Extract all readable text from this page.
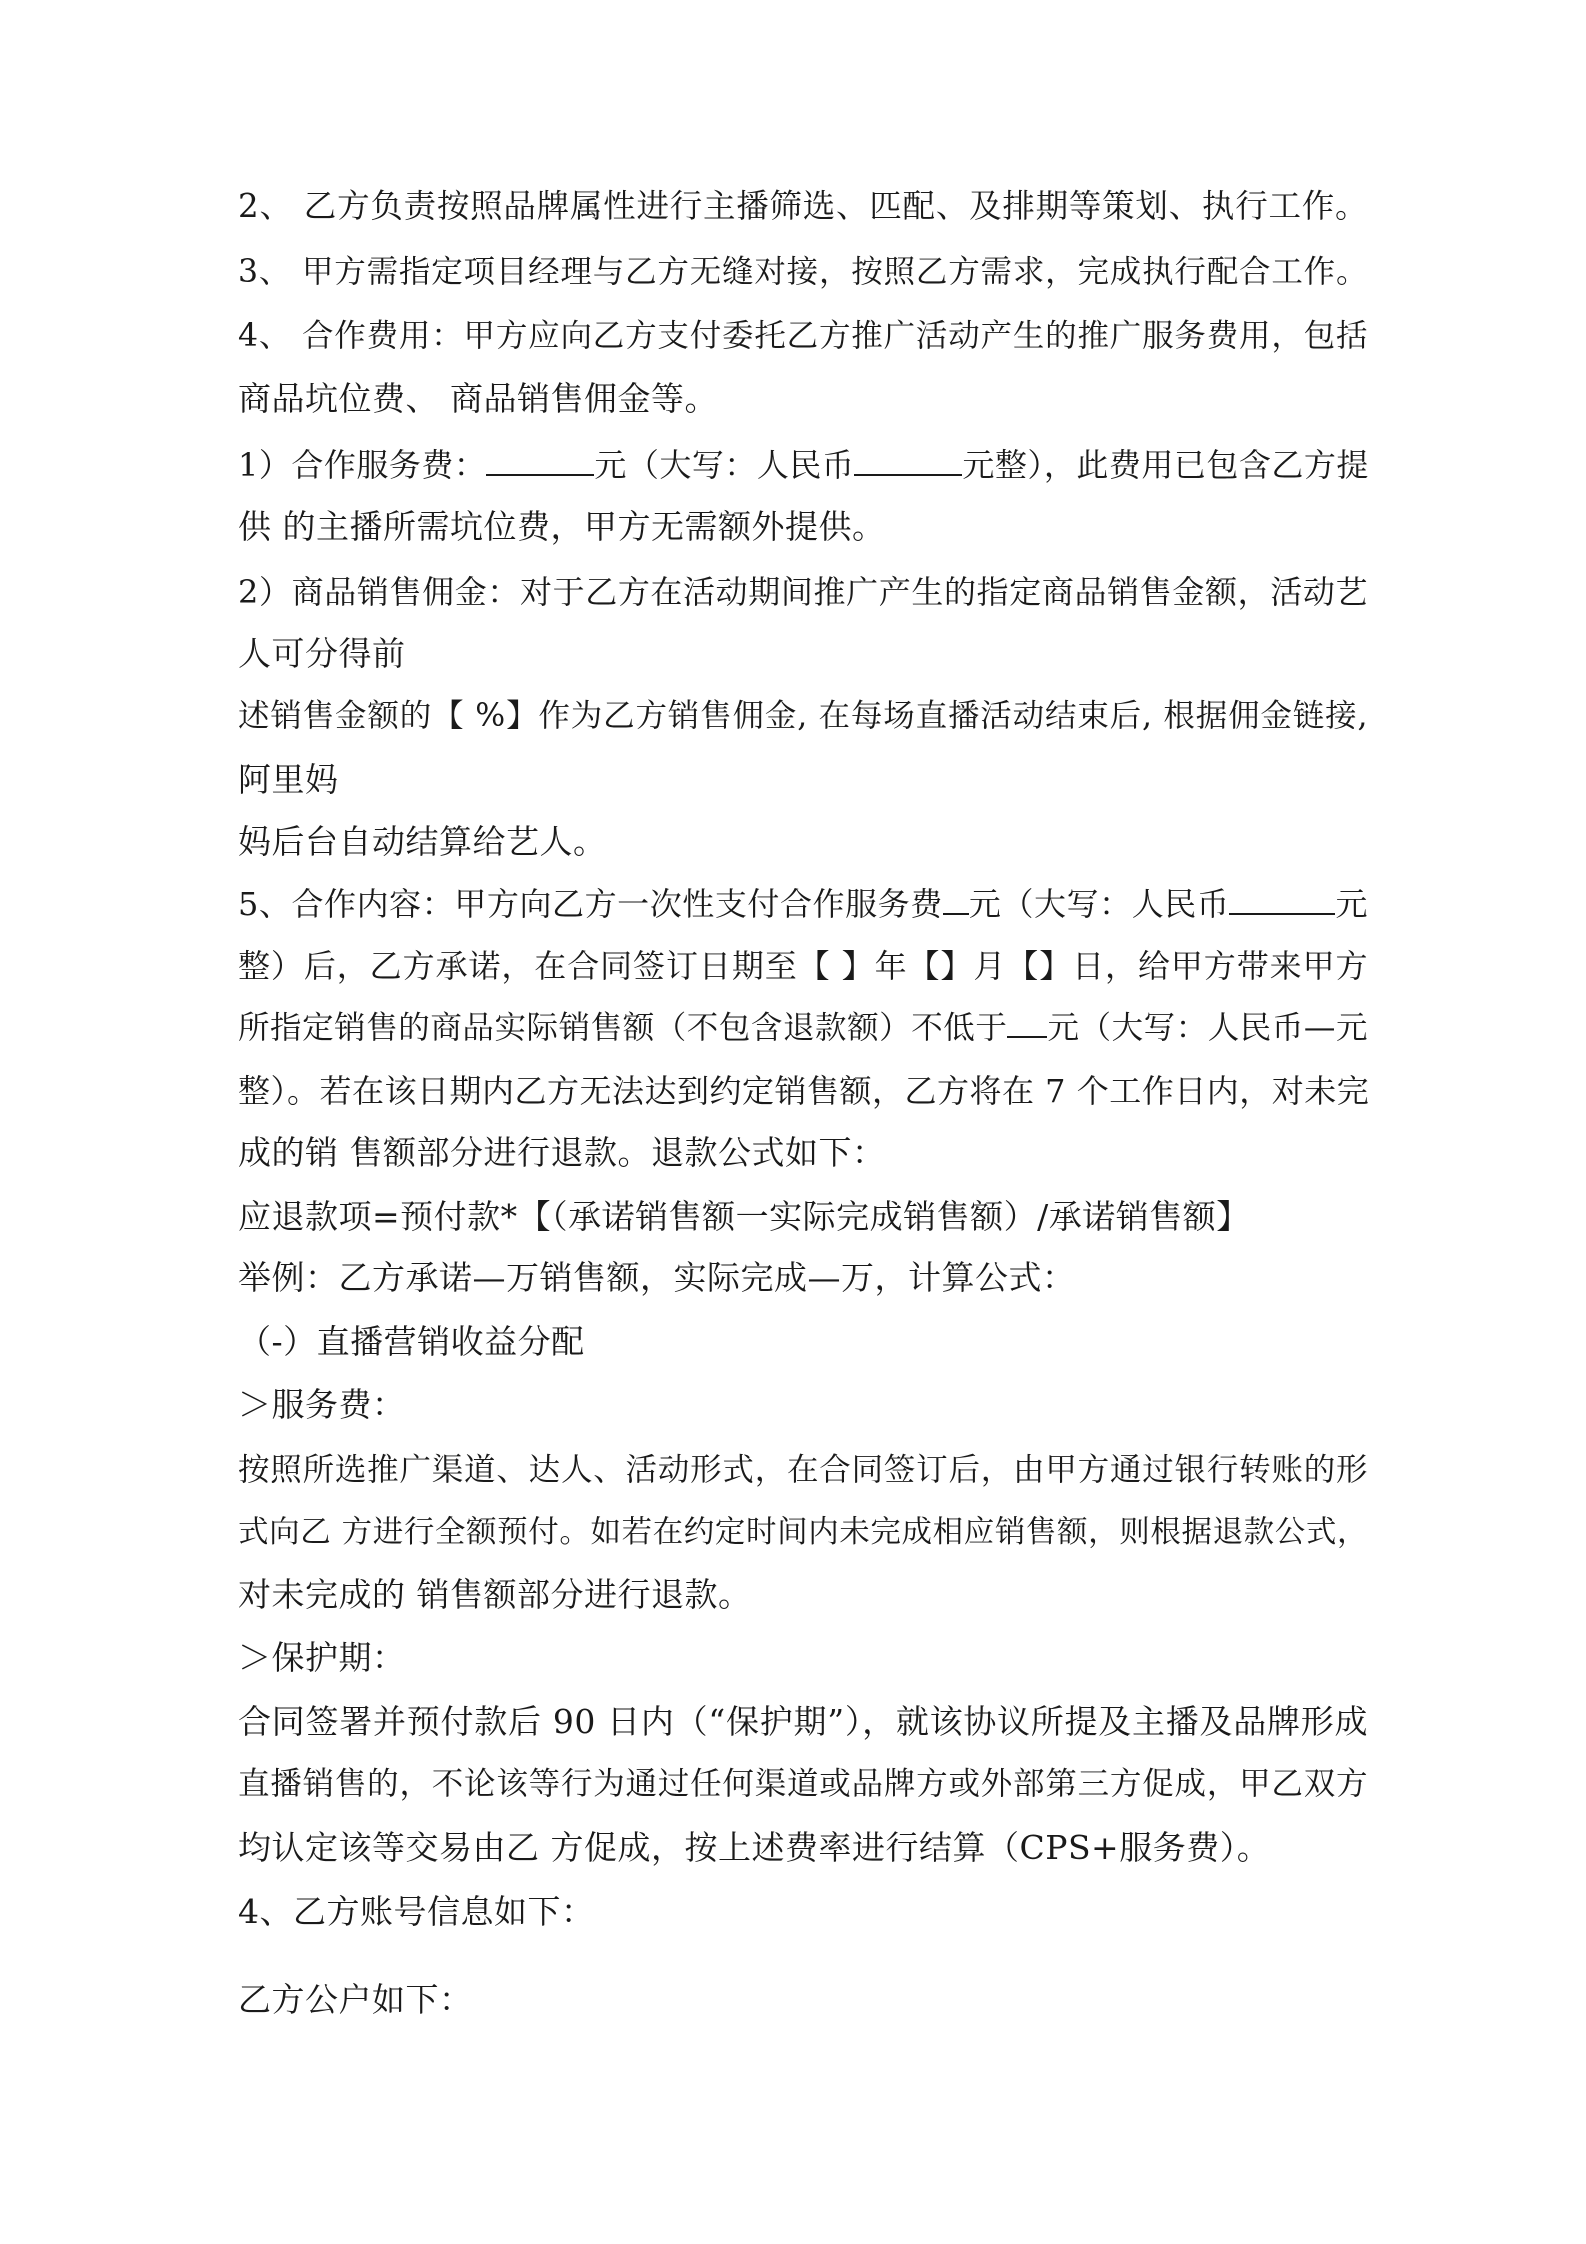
2、 乙方负责按照品牌属性进行主播筛选、匹配、及排期等策划、执行工作。
3、 甲方需指定项目经理与乙方无缝对接，按照乙方需求，完成执行配合工作。
4、 合作费用：甲方应向乙方支付委托乙方推广活动产生的推广服务费用，包括
商品坑位费、 商品销售佣金等。
1）合作服务费：	元（大写：人民币	元整），此费用已包含乙方提
供 的主播所需坑位费，甲方无需额外提供。
2）商品销售佣金：对于乙方在活动期间推广产生的指定商品销售金额，活动艺
人可分得前
述销售金额的【 %】作为乙方销售佣金, 在每场直播活动结束后, 根据佣金链接,
阿里妈
妈后台自动结算给艺人。
5、合作内容：甲方向乙方一次性支付合作服务费 元（大写：人民币	元
整）后，乙方承诺，在合同签订日期至【 】年【】月【】日，给甲方带来甲方
所指定销售的商品实际销售额（不包含退款额）不低于 元（大写：人民币—元
整）。若在该日期内乙方无法达到约定销售额，乙方将在 7 个工作日内，对未完
成的销 售额部分进行退款。退款公式如下：
应退款项=预付款*【（承诺销售额一实际完成销售额）/承诺销售额】
举例：乙方承诺—万销售额，实际完成—万，计算公式：
（-）直播营销收益分配
＞服务费：
按照所选推广渠道、达人、活动形式，在合同签订后，由甲方通过银行转账的形
式向乙 方进行全额预付。如若在约定时间内未完成相应销售额，则根据退款公式，
对未完成的 销售额部分进行退款。
＞保护期：
合同签署并预付款后 90 日内（“保护期”），就该协议所提及主播及品牌形成
直播销售的，不论该等行为通过任何渠道或品牌方或外部第三方促成，甲乙双方
均认定该等交易由乙 方促成，按上述费率进行结算（CPS+服务费）。
4、乙方账号信息如下：
乙方公户如下：
